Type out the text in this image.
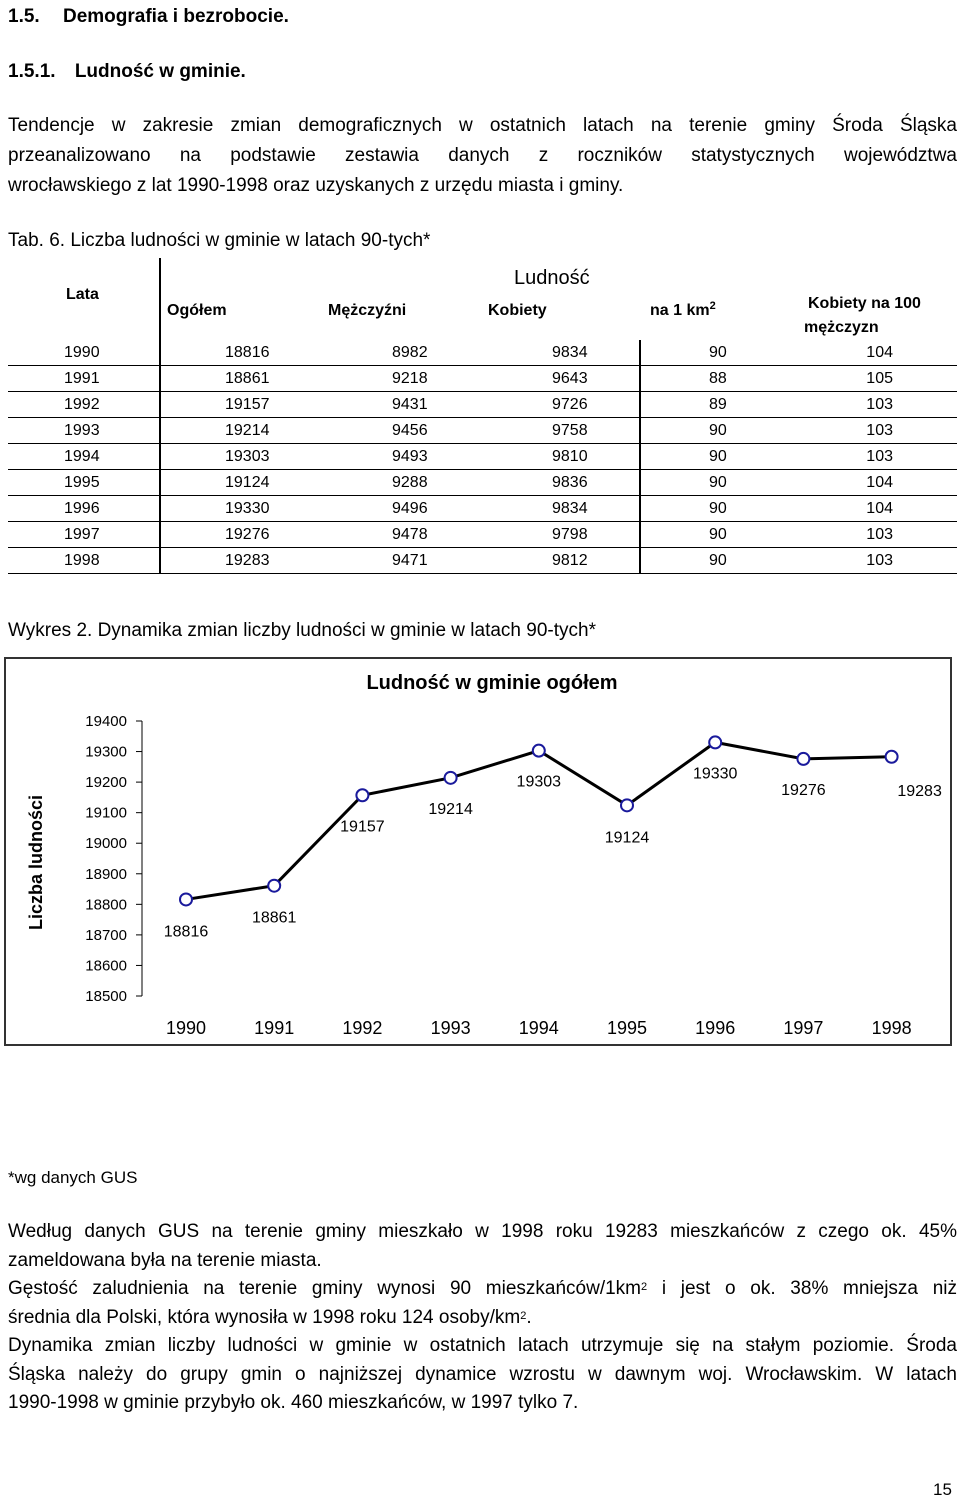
1.5. Demografia i bezrobocie.
1.5.1. Ludność w gminie.
Tendencje w zakresie zmian demograficznych w ostatnich latach na terenie gminy Środa Śląska
przeanalizowano na podstawie zestawia danych z roczników statystycznych województwa
wrocławskiego z lat 1990-1998 oraz uzyskanych z urzędu miasta i gminy.
Tab. 6. Liczba ludności w gminie w latach 90-tych*
Lata	Ludność				
	Ogółem	Mężczyźni	Kobiety	na 1 $km^2$	Kobiety na 100
mężczyzn

1990	18816	8982	9834	90	104
1991	18861	9218	9643	88	105
1992	19157	9431	9726	89	103
1993	19214	9456	9758	90	103
1994	19303	9493	9810	90	103
1995	19124	9288	9836	90	104
1996	19330	9496	9834	90	104
1997	19276	9478	9798	90	103
1998	19283	9471	9812	90	103
Wykres 2. Dynamika zmian liczby ludności w gminie w latach 90-tych*
Ludność w gminie ogółem
Liczba ludności
19400
19300
19200
19100
19000
18900
18800
18700
18600
18500
1990	1991	1992	1993	1994	1995	1996	1997	1998
18816
18861
19157
19214
19303
19124
19330
19276	19283
*wg danych GUS
Według danych GUS na terenie gminy mieszkało w 1998 roku 19283 mieszkańców z czego ok. 45%
zameldowana była na terenie miasta.
Gęstość zaludnienia na terenie gminy wynosi 90 mieszkańców/$1km^2$ i jest o ok. 38% mniejsza niż
średnia dla Polski, która wynosiła w 1998 roku 124 osoby/$km^2$.
Dynamika zmian liczby ludności w gminie w ostatnich latach utrzymuje się na stałym poziomie. Środa
Śląska należy do grupy gmin o najniższej dynamice wzrostu w dawnym woj. Wrocławskim. W latach
1990-1998 w gminie przybyło ok. 460 mieszkańców, w 1997 tylko 7.
15
